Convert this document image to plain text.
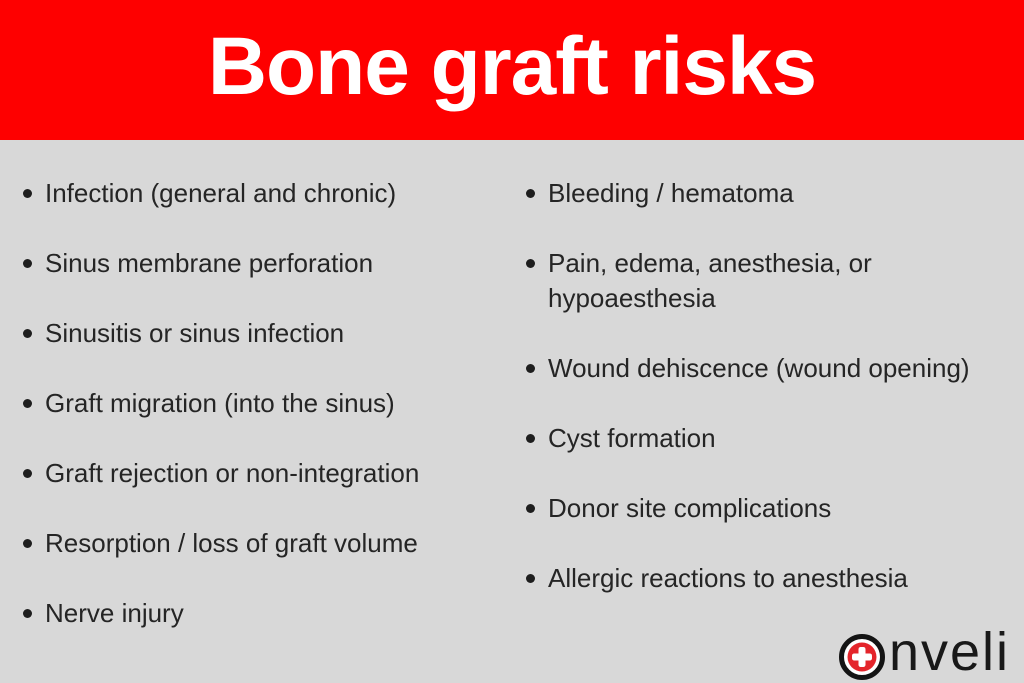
Bone graft risks
Infection (general and chronic)
Sinus membrane perforation
Sinusitis or sinus infection
Graft migration (into the sinus)
Graft rejection or non-integration
Resorption / loss of graft volume
Nerve injury
Bleeding / hematoma
Pain, edema, anesthesia, or hypoaesthesia
Wound dehiscence (wound opening)
Cyst formation
Donor site complications
Allergic reactions to anesthesia
nveli
